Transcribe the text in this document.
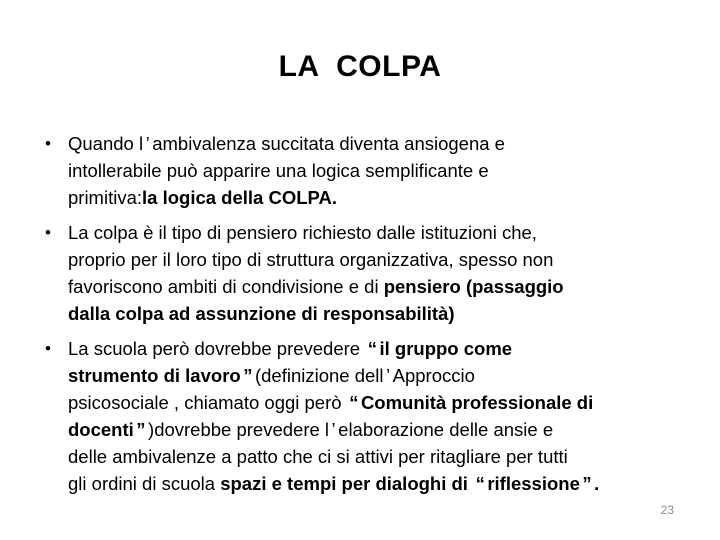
LA  COLPA
• Quando l ’ ambivalenza succitata diventa ansiogena e
intollerabile può apparire una logica semplificante e
primitiva:la logica della COLPA.
• La colpa è il tipo di pensiero richiesto dalle istituzioni che,
proprio per il loro tipo di struttura organizzativa, spesso non
favoriscono ambiti di condivisione e di pensiero (passaggio
dalla colpa ad assunzione di responsabilità)
• La scuola però dovrebbe prevedere “ il gruppo come
strumento di lavoro ” (definizione dell ’ Approccio
psicosociale , chiamato oggi però “ Comunità professionale di
docenti ” )dovrebbe prevedere l ’ elaborazione delle ansie e
delle ambivalenze a patto che ci si attivi per ritagliare per tutti
gli ordini di scuola spazi e tempi per dialoghi di “ riflessione ” .
23
